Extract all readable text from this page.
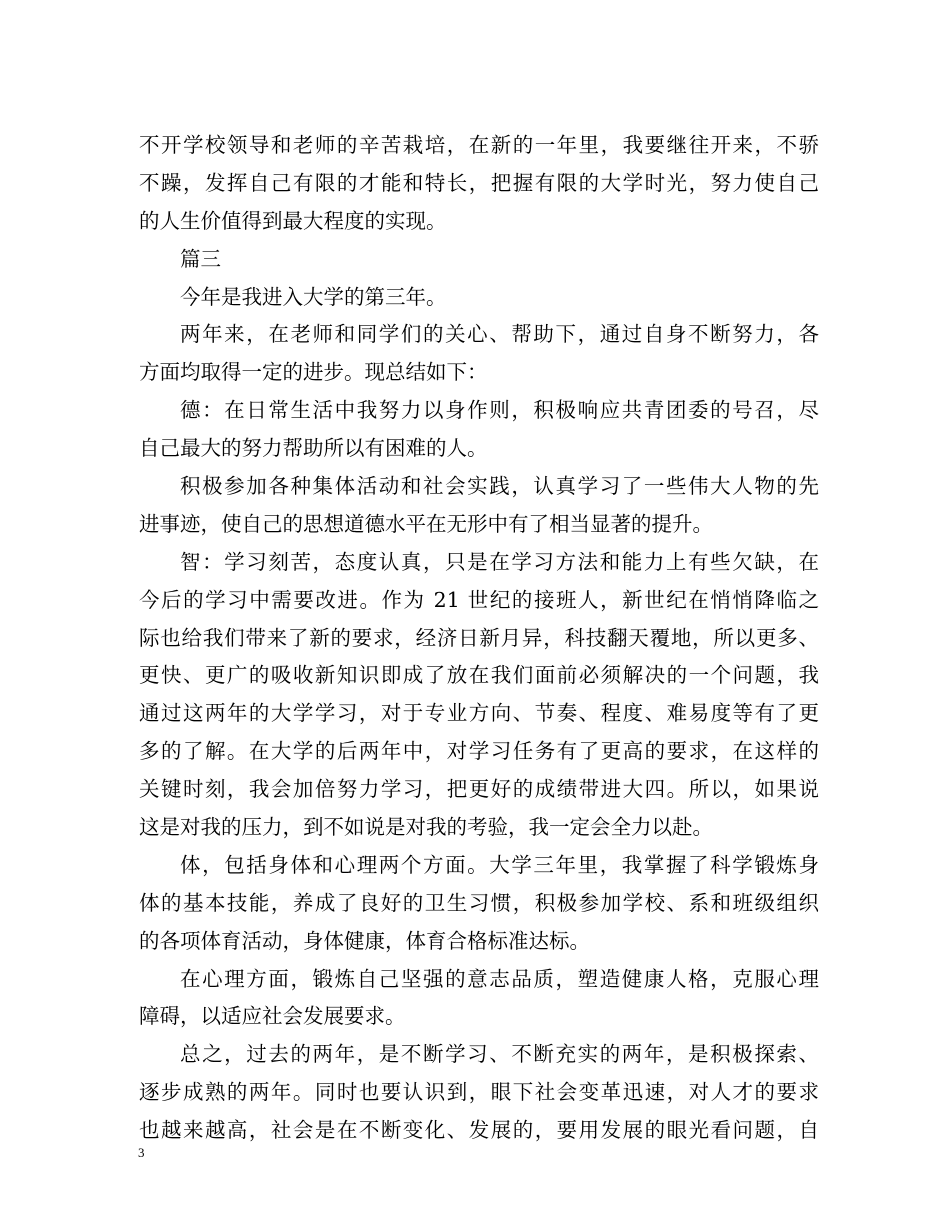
不开学校领导和老师的辛苦栽培，在新的一年里，我要继往开来，不骄
不躁，发挥自己有限的才能和特长，把握有限的大学时光，努力使自己
的人生价值得到最大程度的实现。
篇三
今年是我进入大学的第三年。
两年来，在老师和同学们的关心、帮助下，通过自身不断努力，各
方面均取得一定的进步。现总结如下：
德：在日常生活中我努力以身作则，积极响应共青团委的号召，尽
自己最大的努力帮助所以有困难的人。
积极参加各种集体活动和社会实践，认真学习了一些伟大人物的先
进事迹，使自己的思想道德水平在无形中有了相当显著的提升。
智：学习刻苦，态度认真，只是在学习方法和能力上有些欠缺，在
今后的学习中需要改进。作为 21 世纪的接班人，新世纪在悄悄降临之
际也给我们带来了新的要求，经济日新月异，科技翻天覆地，所以更多、
更快、更广的吸收新知识即成了放在我们面前必须解决的一个问题，我
通过这两年的大学学习，对于专业方向、节奏、程度、难易度等有了更
多的了解。在大学的后两年中，对学习任务有了更高的要求，在这样的
关键时刻，我会加倍努力学习，把更好的成绩带进大四。所以，如果说
这是对我的压力，到不如说是对我的考验，我一定会全力以赴。
体，包括身体和心理两个方面。大学三年里，我掌握了科学锻炼身
体的基本技能，养成了良好的卫生习惯，积极参加学校、系和班级组织
的各项体育活动，身体健康，体育合格标准达标。
在心理方面，锻炼自己坚强的意志品质，塑造健康人格，克服心理
障碍，以适应社会发展要求。
总之，过去的两年，是不断学习、不断充实的两年，是积极探索、
逐步成熟的两年。同时也要认识到，眼下社会变革迅速，对人才的要求
也越来越高，社会是在不断变化、发展的，要用发展的眼光看问题，自
3
